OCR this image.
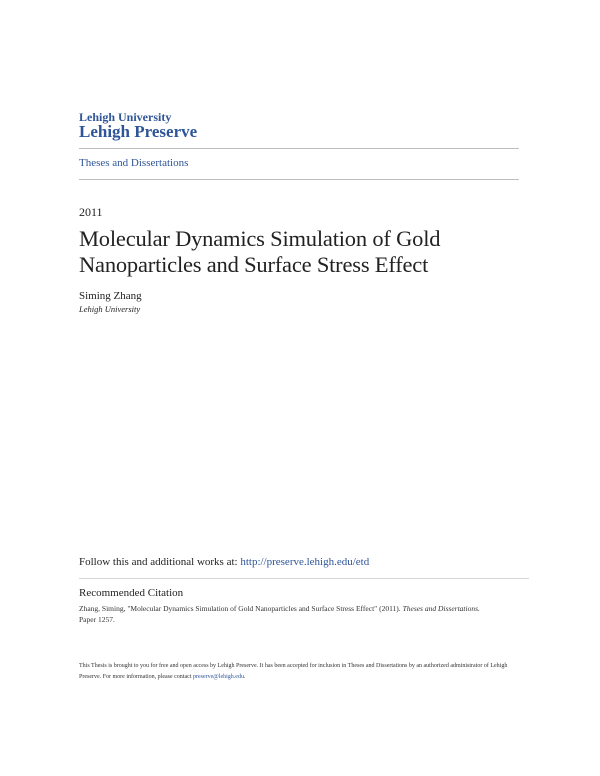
Lehigh University
Lehigh Preserve
Theses and Dissertations
2011
Molecular Dynamics Simulation of Gold
Nanoparticles and Surface Stress Effect
Siming Zhang
Lehigh University
Follow this and additional works at: http://preserve.lehigh.edu/etd
Recommended Citation
Zhang, Siming, "Molecular Dynamics Simulation of Gold Nanoparticles and Surface Stress Effect" (2011). Theses and Dissertations.
Paper 1257.
This Thesis is brought to you for free and open access by Lehigh Preserve. It has been accepted for inclusion in Theses and Dissertations by an authorized administrator of Lehigh Preserve. For more information, please contact preserve@lehigh.edu.
